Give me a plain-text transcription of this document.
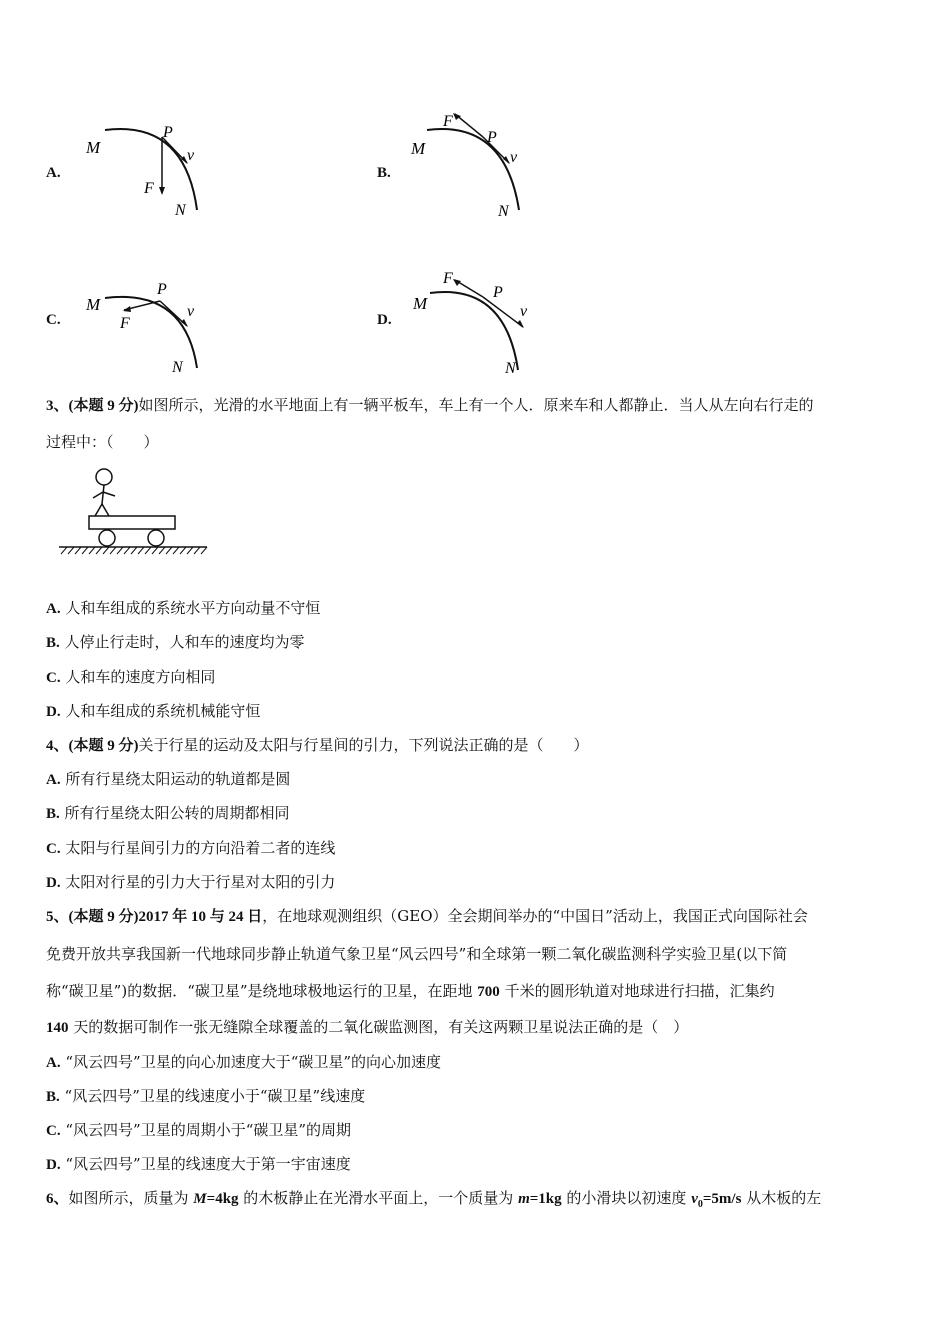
A.
M
P
v
F
N
B.
M
P
v
F
N
C.
M
P
v
F
N
D.
M
P
v
F
N
3、(本题 9 分)如图所示，光滑的水平地面上有一辆平板车，车上有一个人．原来车和人都静止．当人从左向右行走的
过程中：（　　）
A. 人和车组成的系统水平方向动量不守恒
B. 人停止行走时，人和车的速度均为零
C. 人和车的速度方向相同
D. 人和车组成的系统机械能守恒
4、(本题 9 分)关于行星的运动及太阳与行星间的引力，下列说法正确的是（　　）
A. 所有行星绕太阳运动的轨道都是圆
B. 所有行星绕太阳公转的周期都相同
C. 太阳与行星间引力的方向沿着二者的连线
D. 太阳对行星的引力大于行星对太阳的引力
5、(本题 9 分)2017 年 10 与 24 日，在地球观测组织（GEO）全会期间举办的“中国日”活动上，我国正式向国际社会
免费开放共享我国新一代地球同步静止轨道气象卫星“风云四号”和全球第一颗二氧化碳监测科学实验卫星(以下简
称“碳卫星”)的数据．“碳卫星”是绕地球极地运行的卫星，在距地 700 千米的圆形轨道对地球进行扫描，汇集约
140 天的数据可制作一张无缝隙全球覆盖的二氧化碳监测图，有关这两颗卫星说法正确的是（　）
A. “风云四号”卫星的向心加速度大于“碳卫星”的向心加速度
B. “风云四号”卫星的线速度小于“碳卫星”线速度
C. “风云四号”卫星的周期小于“碳卫星”的周期
D. “风云四号”卫星的线速度大于第一宇宙速度
6、如图所示，质量为 M=4kg 的木板静止在光滑水平面上，一个质量为 m=1kg 的小滑块以初速度 $v_0=5m/s$ 从木板的左
